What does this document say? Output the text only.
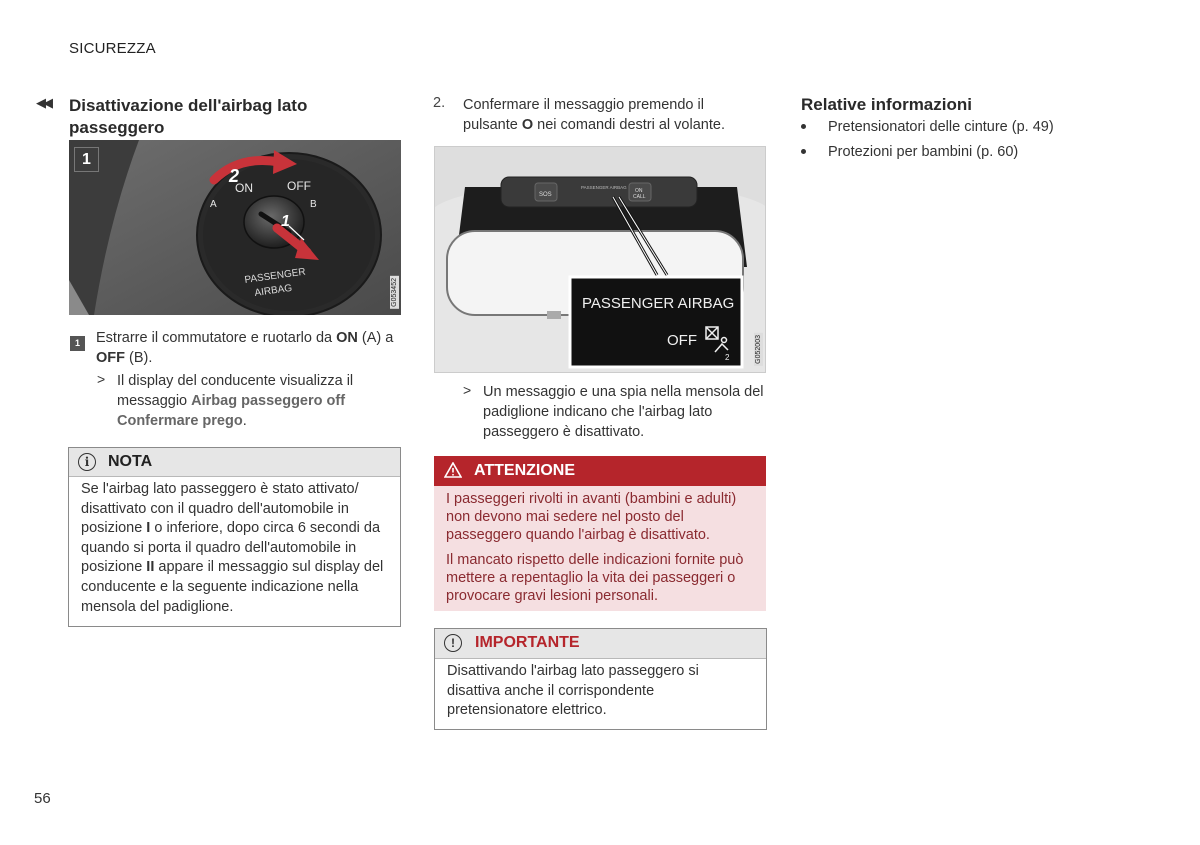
SICUREZZA
56
◀◀ Disattivazione dell'airbag lato passeggero
2
1
ON	OFF
A	B
PASSENGER
AIRBAG
1
G053452
1	Estrarre il commutatore e ruotarlo da ON (A) a OFF (B).
> Il display del conducente visualizza il messaggio Airbag passeggero off Confermare prego.
i	NOTA
Se l'airbag lato passeggero è stato attivato/ disattivato con il quadro dell'automobile in posizione I o inferiore, dopo circa 6 secondi da quando si porta il quadro dell'automobile in posizione II appare il messaggio sul display del conducente e la seguente indicazione nella mensola del padiglione.
2. Confermare il messaggio premendo il pulsante O nei comandi destri al volante.
SOS
PASSENGER AIRBAG
ON
CALL
PASSENGER AIRBAG
OFF
2	G052003
> Un messaggio e una spia nella mensola del padiglione indicano che l'airbag lato passeggero è disattivato.
ATTENZIONE

I passeggeri rivolti in avanti (bambini e adulti) non devono mai sedere nel posto del passeggero quando l'airbag è disattivato.

Il mancato rispetto delle indicazioni fornite può mettere a repentaglio la vita dei passeggeri o provocare gravi lesioni personali.

!	IMPORTANTE
Disattivando l'airbag lato passeggero si disattiva anche il corrispondente pretensionatore elettrico.
Relative informazioni
Pretensionatori delle cinture (p. 49)
Protezioni per bambini (p. 60)
